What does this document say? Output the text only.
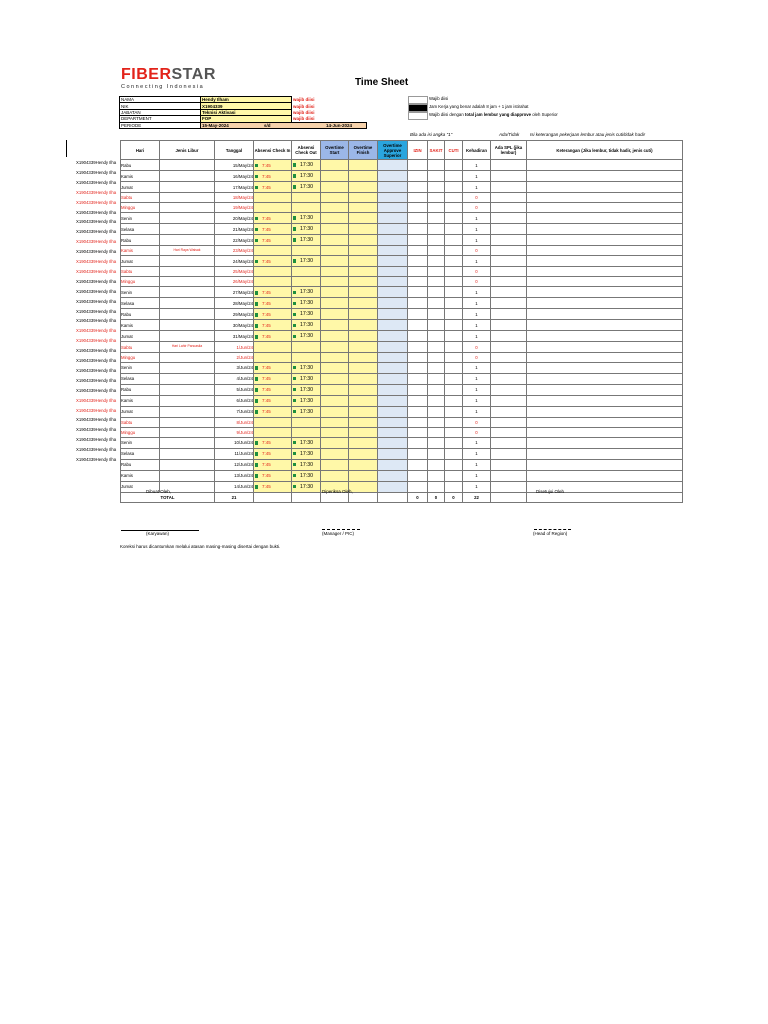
FIBERSTAR
Connecting Indonesia	Time Sheet
NAMA	Hendy Ilham	wajib diisi
NIK	X1904339	wajib diisi
JABATAN	Teknisi Aktivasi	wajib diisi
DEPARTMENT	FOP	wajib diisi
PERIODE	15-May-2024 s/d 14-Jun-2024	
Wajib diisi
Jam Kerja yang benar adalah 8 jam + 1 jam istirahat
Wajib diisi dengan total jam lembur yang diapprove oleh Superior
Bila ada isi angka "1"	Ada/Tidak Isi keterangan pekerjaan lembur atau jenis cuti/tidak hadir
X1904339Hendy Ilha
X1904339Hendy Ilha
X1904339Hendy Ilha
X1904339Hendy Ilha
X1904339Hendy Ilha
X1904339Hendy Ilha
X1904339Hendy Ilha
X1904339Hendy Ilha
X1904339Hendy Ilha
X1904339Hendy Ilha
X1904339Hendy Ilha
X1904339Hendy Ilha
X1904339Hendy Ilha
X1904339Hendy Ilha
X1904339Hendy Ilha
X1904339Hendy Ilha
X1904339Hendy Ilha
X1904339Hendy Ilha
X1904339Hendy Ilha
X1904339Hendy Ilha
X1904339Hendy Ilha
X1904339Hendy Ilha
X1904339Hendy Ilha
X1904339Hendy Ilha
X1904339Hendy Ilha
X1904339Hendy Ilha
X1904339Hendy Ilha
X1904339Hendy Ilha
X1904339Hendy Ilha
X1904339Hendy Ilha
X1904339Hendy Ilha
Hari	Jenis Libur	Tanggal	Absensi Check In	Absensi Check Out	Overtime Start	Overtime Finish	Overtime Approve Superior	IZIN	SAKIT	CUTI	Kehadiran	Ada SPL (jika lembur)	Keterangan (Jika lembur, tidak hadir, jenis cuti)
Rabu		15/May/24	7:45	17:30							1		
Kamis		16/May/24	7:45	17:30							1		
Jumat		17/May/24	7:45	17:30							1		
Sabtu		18/May/24									0		
Minggu		19/May/24									0		
Senin		20/May/24	7:45	17:30							1		
Selasa		21/May/24	7:45	17:30							1		
Rabu		22/May/24	7:45	17:30							1		
Kamis	Hari Raya Waisak	23/May/24									0		
Jumat		24/May/24	7:45	17:30							1		
Sabtu		25/May/24									0		
Minggu		26/May/24									0		
Senin		27/May/24	7:45	17:30							1		
Selasa		28/May/24	7:45	17:30							1		
Rabu		29/May/24	7:45	17:30							1		
Kamis		30/May/24	7:45	17:30							1		
Jumat		31/May/24	7:45	17:30							1		
Sabtu	Hari Lahir Pancasila	1/Jun/24									0		
Minggu		2/Jun/24									0		
Senin		3/Jun/24	7:45	17:30							1		
Selasa		4/Jun/24	7:45	17:30							1		
Rabu		5/Jun/24	7:45	17:30							1		
Kamis		6/Jun/24	7:45	17:30							1		
Jumat		7/Jun/24	7:45	17:30							1		
Sabtu		8/Jun/24									0		
Minggu		9/Jun/24									0		
Senin		10/Jun/24	7:45	17:30							1		
Selasa		11/Jun/24	7:45	17:30							1		
Rabu		12/Jun/24	7:45	17:30							1		
Kamis		13/Jun/24	7:45	17:30							1		
Jumat		14/Jun/24	7:45	17:30							1		
TOTAL		21						0	0	0	22		
Dibuat Oleh,	Diperiksa Oleh,	Disetujui Oleh
(Karyawan)	(Manager / PIC)	(Head of Region)
Koreksi harus dicantumkan melalui atasan masing-masing disertai dengan bukti.
